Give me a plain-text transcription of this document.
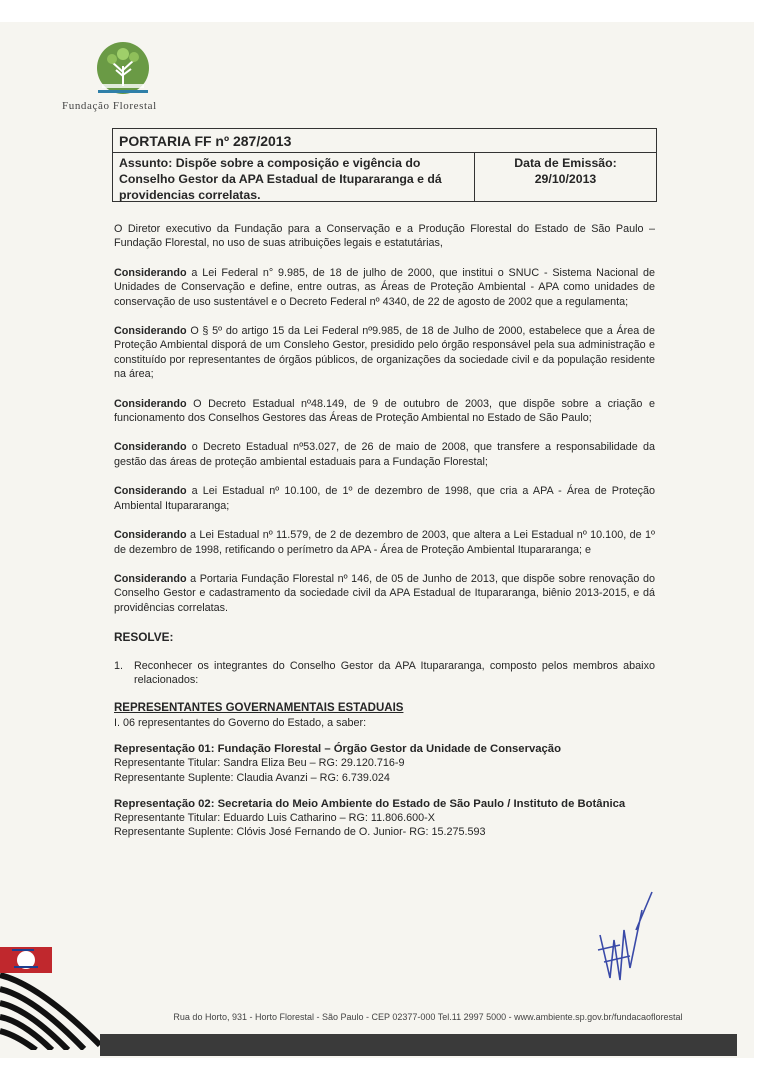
Fundação Florestal
PORTARIA FF nº 287/2013
Assunto: Dispõe sobre a composição e vigência do Conselho Gestor da APA Estadual de Itupararanga e dá providencias correlatas.
Data de Emissão:
29/10/2013

O Diretor executivo da Fundação para a Conservação e a Produção Florestal do Estado de São Paulo – Fundação Florestal, no uso de suas atribuições legais e estatutárias,

Considerando a Lei Federal n° 9.985, de 18 de julho de 2000, que institui o SNUC - Sistema Nacional de Unidades de Conservação e define, entre outras, as Áreas de Proteção Ambiental - APA como unidades de conservação de uso sustentável e o Decreto Federal nº 4340, de 22 de agosto de 2002 que a regulamenta;

Considerando O § 5º do artigo 15 da Lei Federal nº9.985, de 18 de Julho de 2000, estabelece que a Área de Proteção Ambiental disporá de um Consleho Gestor, presidido pelo órgão responsável pela sua administração e constituído por representantes de órgãos públicos, de organizações da sociedade civil e da população residente na área;

Considerando O Decreto Estadual nº48.149, de 9 de outubro de 2003, que dispõe sobre a criação e funcionamento dos Conselhos Gestores das Áreas de Proteção Ambiental no Estado de São Paulo;

Considerando o Decreto Estadual nº53.027, de 26 de maio de 2008, que transfere a responsabilidade da gestão das áreas de proteção ambiental estaduais para a Fundação Florestal;

Considerando a Lei Estadual nº 10.100, de 1º de dezembro de 1998, que cria a APA - Área de Proteção Ambiental Itupararanga;

Considerando a Lei Estadual nº 11.579, de 2 de dezembro de 2003, que altera a Lei Estadual nº 10.100, de 1º de dezembro de 1998, retificando o perímetro da APA - Área de Proteção Ambiental Itupararanga; e

Considerando a Portaria Fundação Florestal nº 146, de 05 de Junho de 2013, que dispõe sobre renovação do Conselho Gestor e cadastramento da sociedade civil da APA Estadual de Itupararanga, biênio 2013-2015, e dá providências correlatas.

RESOLVE:

1.	Reconhecer os integrantes do Conselho Gestor da APA Itupararanga, composto pelos membros abaixo relacionados:

REPRESENTANTES GOVERNAMENTAIS ESTADUAIS

I. 06 representantes do Governo do Estado, a saber:

Representação 01: Fundação Florestal – Órgão Gestor da Unidade de Conservação

Representante Titular: Sandra Eliza Beu – RG: 29.120.716-9

Representante Suplente: Claudia Avanzi – RG: 6.739.024

Representação 02: Secretaria do Meio Ambiente do Estado de São Paulo / Instituto de Botânica

Representante Titular: Eduardo Luis Catharino – RG: 11.806.600-X

Representante Suplente: Clóvis José Fernando de O. Junior- RG: 15.275.593

Rua do Horto, 931 - Horto Florestal - São Paulo - CEP 02377-000 Tel.11 2997 5000 - www.ambiente.sp.gov.br/fundacaoflorestal
